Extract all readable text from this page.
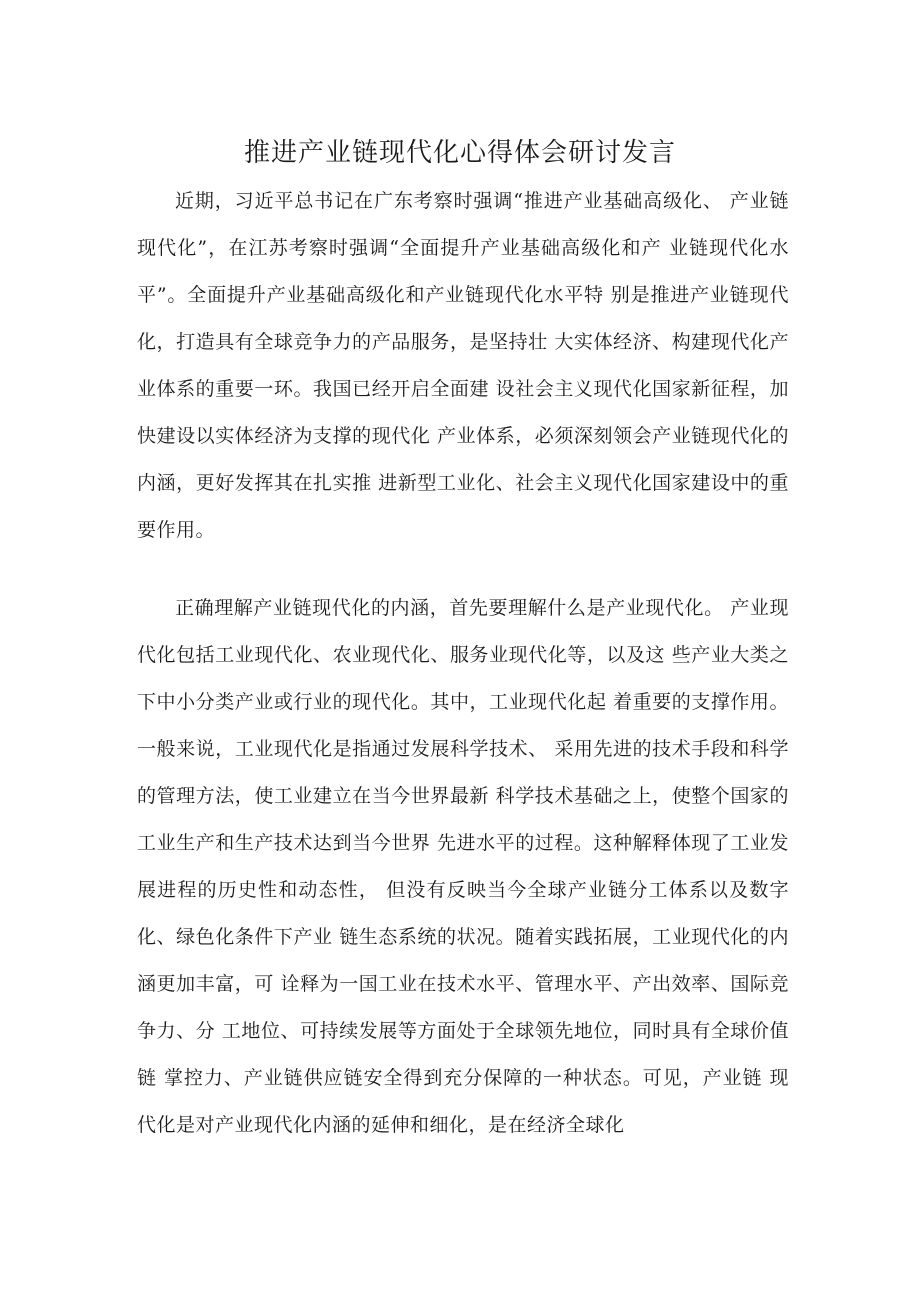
推进产业链现代化心得体会研讨发言

近期，习近平总书记在广东考察时强调“推进产业基础高级化、 产业链现代化”，在江苏考察时强调“全面提升产业基础高级化和产 业链现代化水平”。全面提升产业基础高级化和产业链现代化水平特 别是推进产业链现代化，打造具有全球竞争力的产品服务，是坚持壮 大实体经济、构建现代化产业体系的重要一环。我国已经开启全面建 设社会主义现代化国家新征程，加快建设以实体经济为支撑的现代化 产业体系，必须深刻领会产业链现代化的内涵，更好发挥其在扎实推 进新型工业化、社会主义现代化国家建设中的重要作用。

正确理解产业链现代化的内涵，首先要理解什么是产业现代化。 产业现代化包括工业现代化、农业现代化、服务业现代化等，以及这 些产业大类之下中小分类产业或行业的现代化。其中，工业现代化起 着重要的支撑作用。一般来说，工业现代化是指通过发展科学技术、 采用先进的技术手段和科学的管理方法，使工业建立在当今世界最新 科学技术基础之上，使整个国家的工业生产和生产技术达到当今世界 先进水平的过程。这种解释体现了工业发展进程的历史性和动态性， 但没有反映当今全球产业链分工体系以及数字化、绿色化条件下产业 链生态系统的状况。随着实践拓展，工业现代化的内涵更加丰富，可 诠释为一国工业在技术水平、管理水平、产出效率、国际竞争力、分 工地位、可持续发展等方面处于全球领先地位，同时具有全球价值链 掌控力、产业链供应链安全得到充分保障的一种状态。可见，产业链 现代化是对产业现代化内涵的延伸和细化，是在经济全球化
